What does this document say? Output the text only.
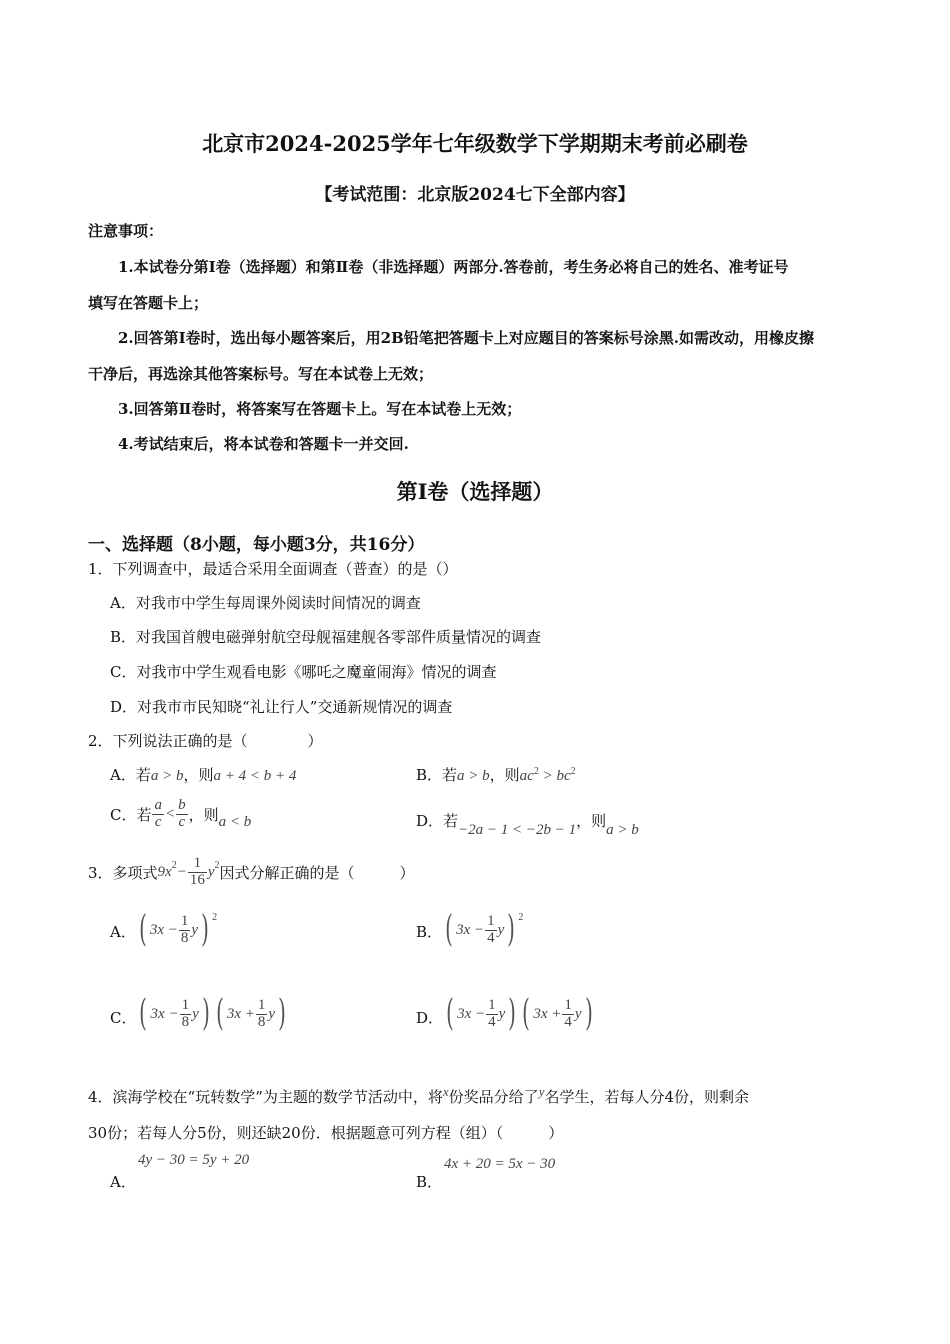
北京市2024-2025学年七年级数学下学期期末考前必刷卷
【考试范围：北京版2024七下全部内容】
注意事项：
1.本试卷分第Ⅰ卷（选择题）和第Ⅱ卷（非选择题）两部分.答卷前，考生务必将自己的姓名、准考证号
填写在答题卡上；
2.回答第Ⅰ卷时，选出每小题答案后，用2B铅笔把答题卡上对应题目的答案标号涂黑.如需改动，用橡皮擦
干净后，再选涂其他答案标号。写在本试卷上无效；
3.回答第Ⅱ卷时，将答案写在答题卡上。写在本试卷上无效；
4.考试结束后，将本试卷和答题卡一并交回.
第I卷（选择题）
一、选择题（8小题，每小题3分，共16分）
1．下列调查中，最适合采用全面调查（普查）的是（）
A．对我市中学生每周课外阅读时间情况的调查
B．对我国首艘电磁弹射航空母舰福建舰各零部件质量情况的调查
C．对我市中学生观看电影《哪吒之魔童闹海》情况的调查
D．对我市市民知晓“礼让行人”交通新规情况的调查
2．下列说法正确的是（　　　　）
A．若a > b，则a + 4 < b + 4	B．若a > b，则$ac^2 > bc^2$
C．若 $\frac{a}{c} < \frac{b}{c}$ ，则 a < b	D．若−2a − 1 < −2b − 1，则a > b
3．多项式 $9x^2 - \frac{1}{16} y^2$ 因式分解正确的是（　　　）
A． ( $3x - \frac{1}{8}$ y ) $^2$
B． ( $3x - \frac{1}{4}$ y ) $^2$
C． ( $3x - \frac{1}{8}$ y ) ( $3x + \frac{1}{8}$ y )	D． ( $3x - \frac{1}{4}$ y ) ( $3x + \frac{1}{4}$ y )
4．滨海学校在“玩转数学”为主题的数学节活动中，将x份奖品分给了y名学生，若每人分4份，则剩余
30份；若每人分5份，则还缺20份．根据题意可列方程（组）（　　　）
A．
4y − 30 = 5y + 20
B．
4x + 20 = 5x − 30
